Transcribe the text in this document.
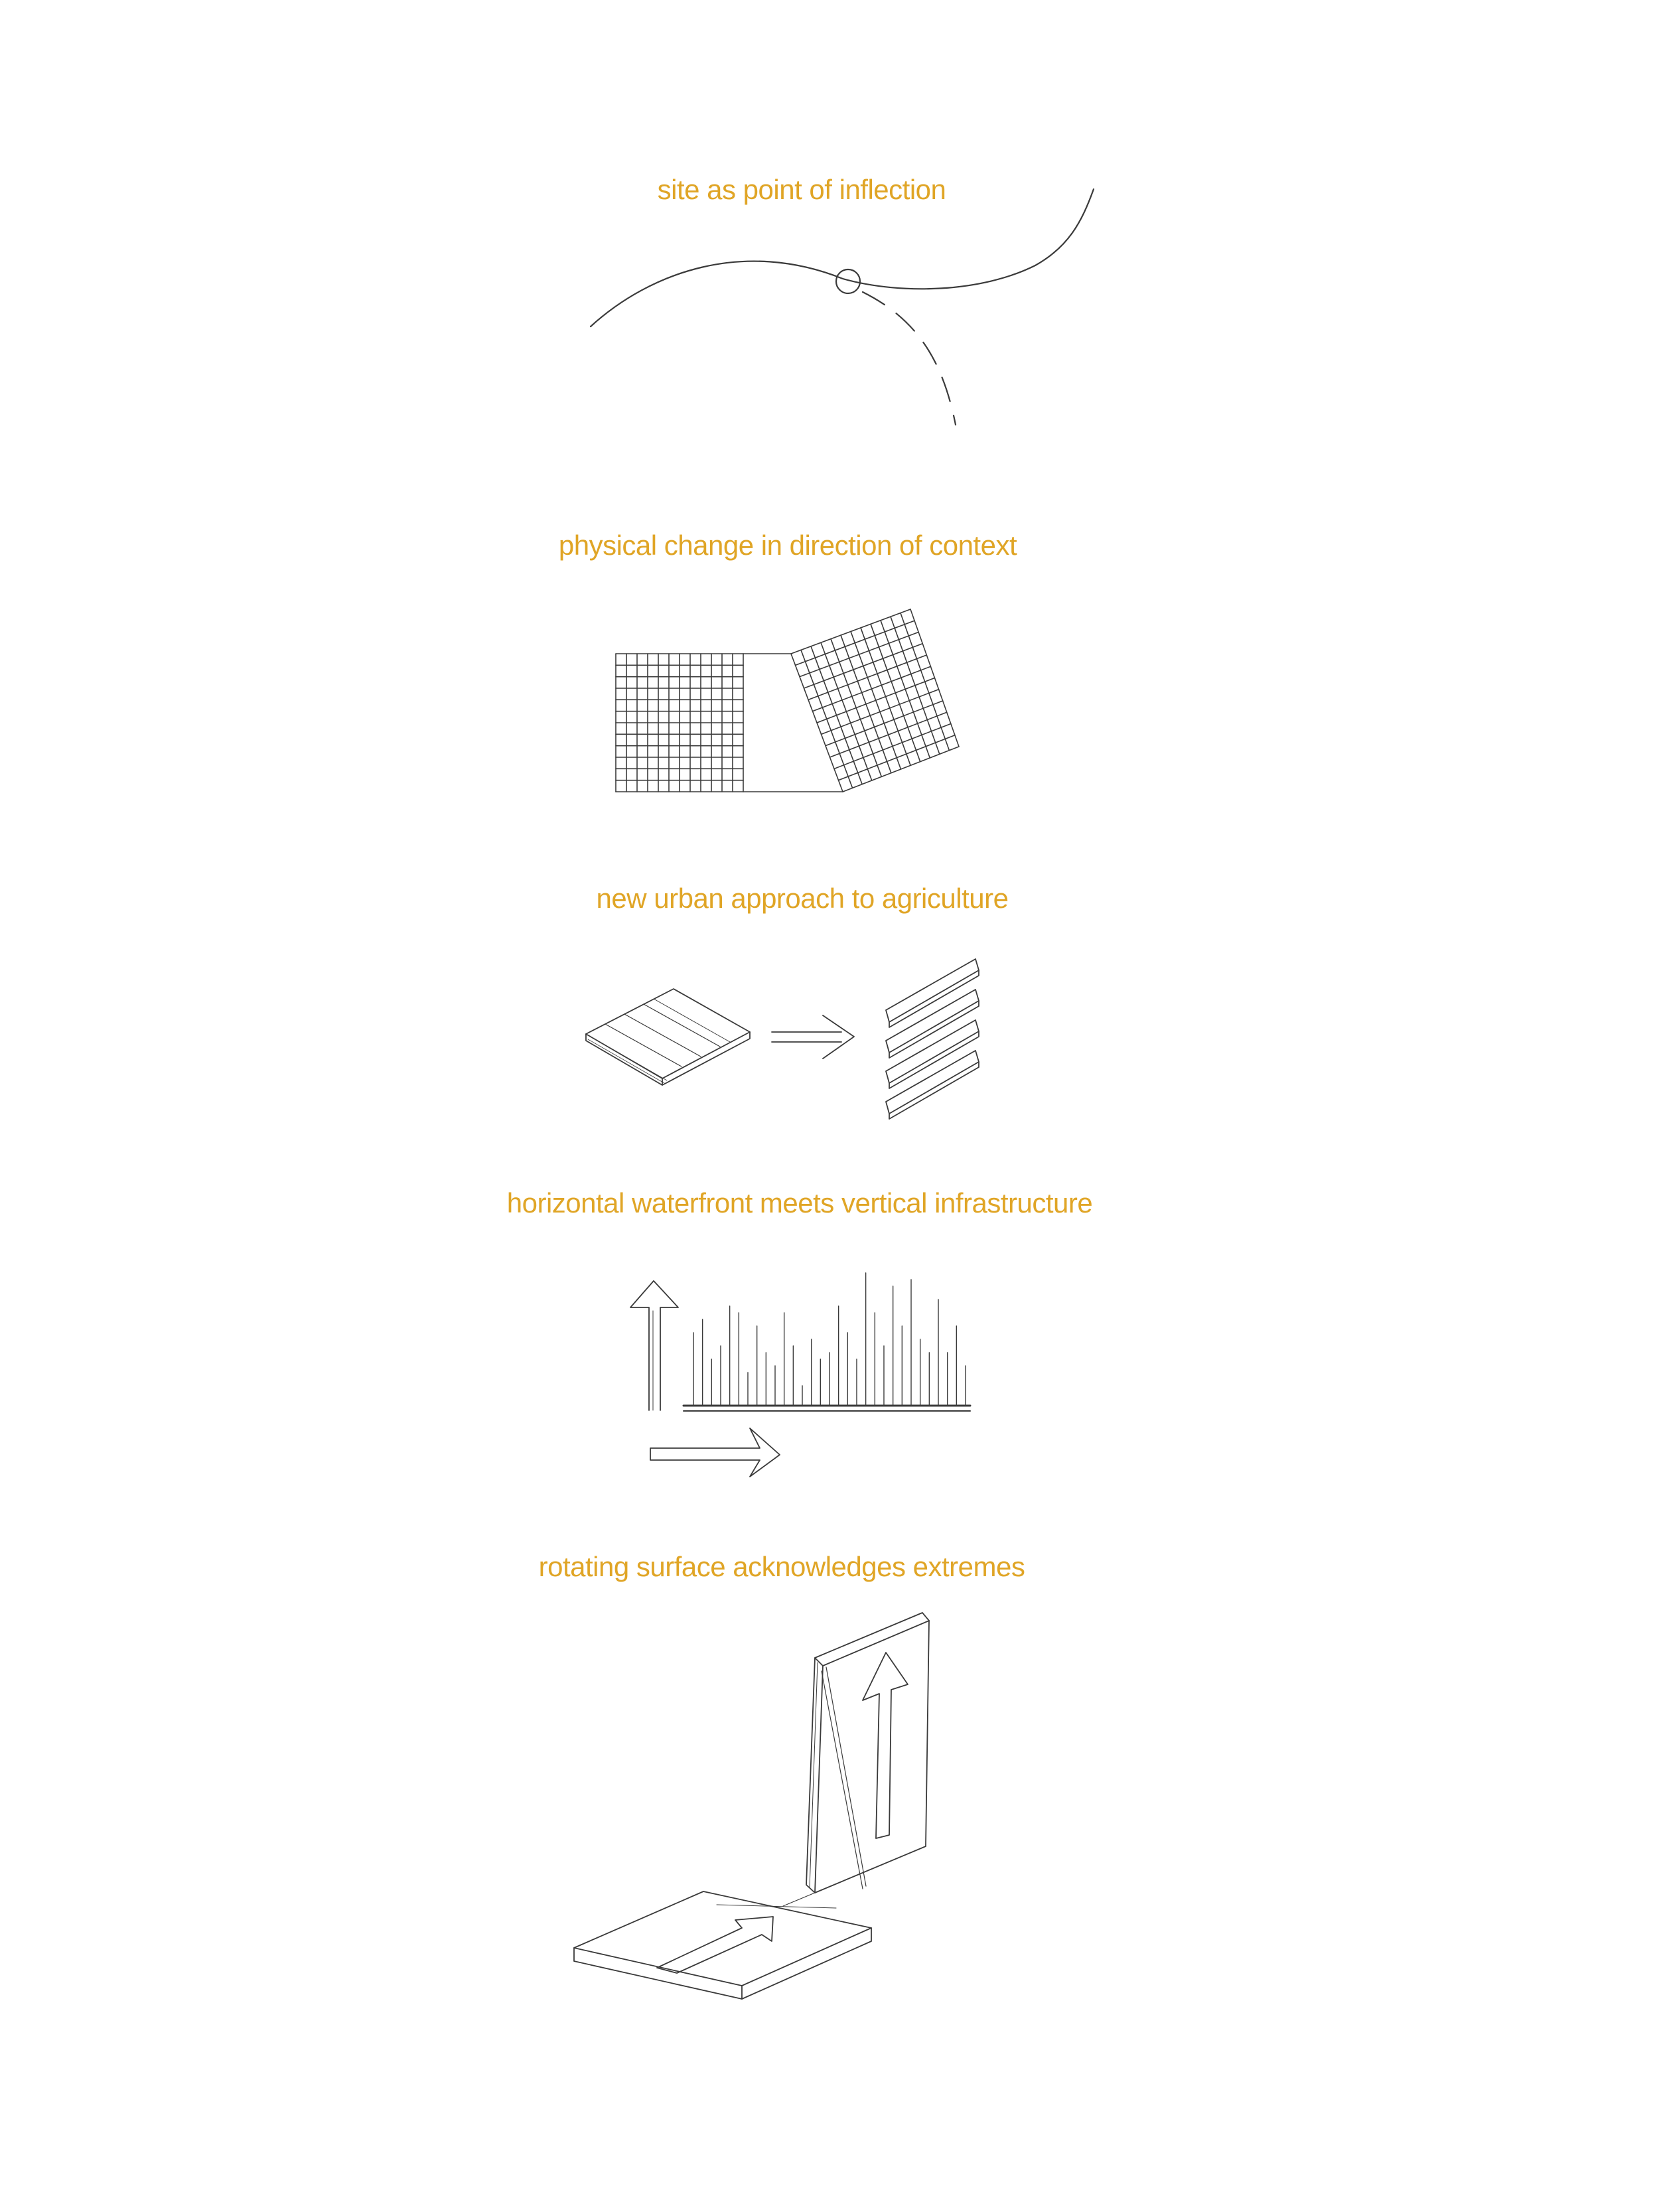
site as point of inflection
physical change in direction of context
new urban approach to agriculture
horizontal waterfront meets vertical infrastructure
rotating surface acknowledges extremes
